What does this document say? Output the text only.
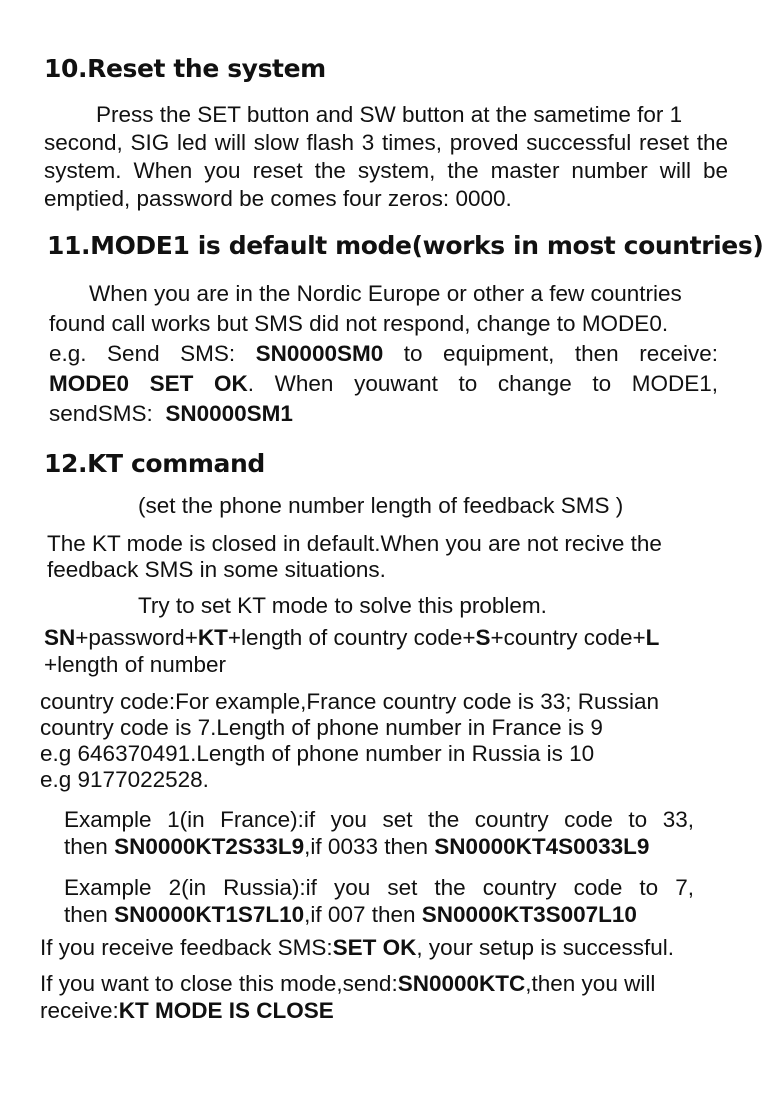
10.Reset the system
Press the SET button and SW button at the sametime for 1
second, SIG led will slow flash 3 times, proved successful reset the
system. When you reset the system, the master number will be
emptied, password be comes four zeros: 0000.
11.MODE1 is default mode(works in most countries)
When you are in the Nordic Europe or other a few countries
found call works but SMS did not respond, change to MODE0.
e.g. Send SMS: SN0000SM0 to equipment, then receive:
MODE0 SET OK. When youwant to change to MODE1,
sendSMS: SN0000SM1
12.KT command
(set the phone number length of feedback SMS )
The KT mode is closed in default.When you are not recive the
feedback SMS in some situations.
Try to set KT mode to solve this problem.
SN+password+KT+length of country code+S+country code+L
+length of number
country code:For example,France country code is 33; Russian
country code is 7.Length of phone number in France is 9
e.g 646370491.Length of phone number in Russia is 10
e.g 9177022528.
Example 1(in France):if you set the country code to 33,
then SN0000KT2S33L9,if 0033 then SN0000KT4S0033L9
Example 2(in Russia):if you set the country code to 7,
then SN0000KT1S7L10,if 007 then SN0000KT3S007L10
If you receive feedback SMS:SET OK, your setup is successful.
If you want to close this mode,send:SN0000KTC,then you will
receive:KT MODE IS CLOSE
